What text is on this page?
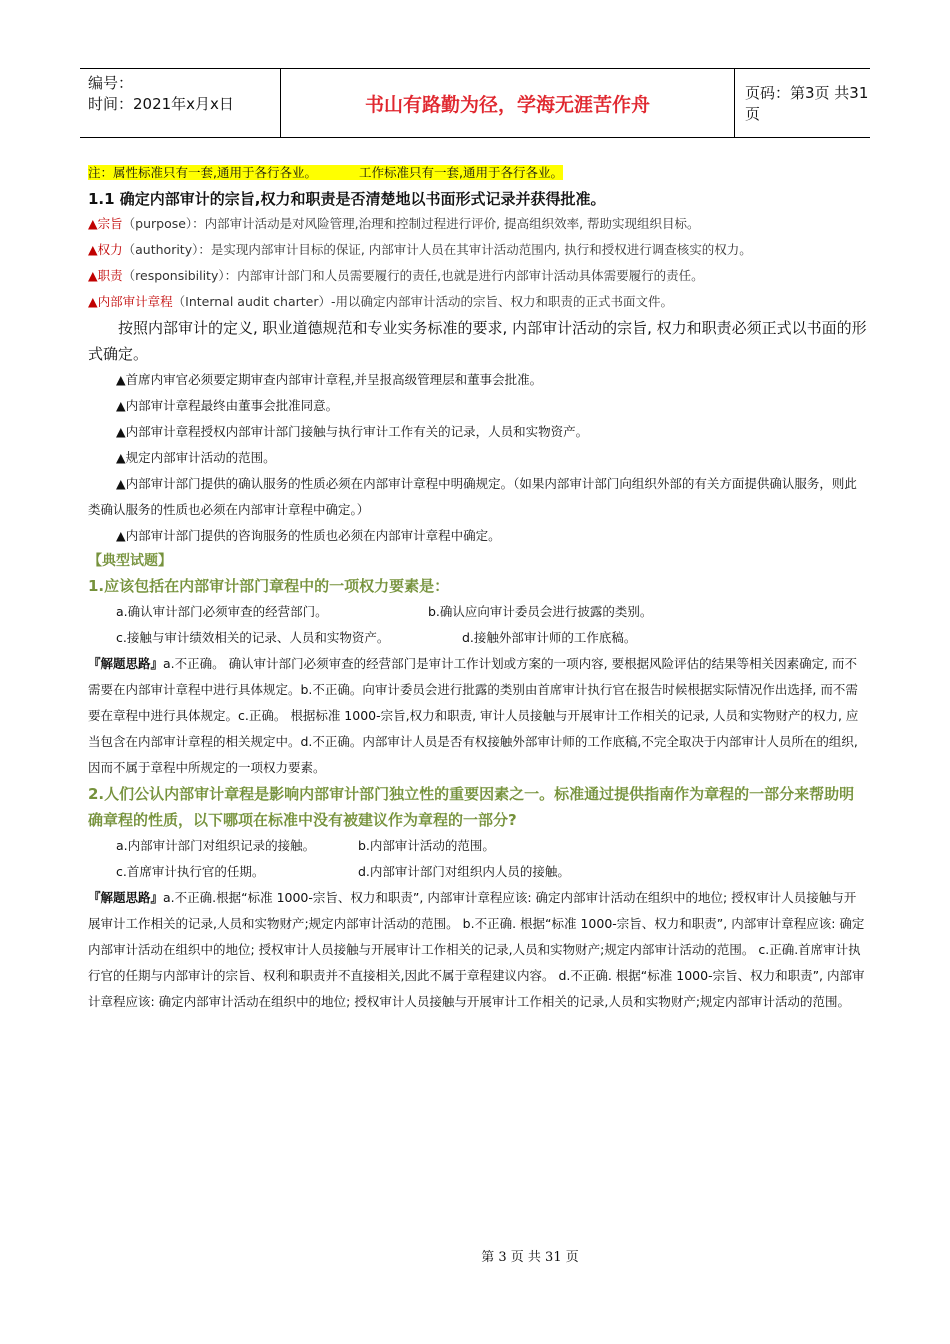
编号：
时间：2021年x月x日	书山有路勤为径，学海无涯苦作舟
页码：第3页 共31页
注：属性标准只有一套,通用于各行各业。	工作标准只有一套,通用于各行各业。
1.1 确定内部审计的宗旨,权力和职责是否清楚地以书面形式记录并获得批准。
▲宗旨（purpose）：内部审计活动是对风险管理,治理和控制过程进行评价, 提高组织效率, 帮助实现组织目标。
▲权力（authority）：是实现内部审计目标的保证, 内部审计人员在其审计活动范围内, 执行和授权进行调查核实的权力。
▲职责（responsibility）：内部审计部门和人员需要履行的责任,也就是进行内部审计活动具体需要履行的责任。
▲内部审计章程（Internal audit charter）-用以确定内部审计活动的宗旨、权力和职责的正式书面文件。
按照内部审计的定义, 职业道德规范和专业实务标准的要求, 内部审计活动的宗旨, 权力和职责必须正式以书面的形式确定。
▲首席内审官必须要定期审查内部审计章程,并呈报高级管理层和董事会批准。
▲内部审计章程最终由董事会批准同意。
▲内部审计章程授权内部审计部门接触与执行审计工作有关的记录，人员和实物资产。
▲规定内部审计活动的范围。
▲内部审计部门提供的确认服务的性质必须在内部审计章程中明确规定。（如果内部审计部门向组织外部的有关方面提供确认服务，则此类确认服务的性质也必须在内部审计章程中确定。）
▲内部审计部门提供的咨询服务的性质也必须在内部审计章程中确定。
【典型试题】
1.应该包括在内部审计部门章程中的一项权力要素是：
a.确认审计部门必须审查的经营部门。	b.确认应向审计委员会进行披露的类别。
c.接触与审计绩效相关的记录、人员和实物资产。	d.接触外部审计师的工作底稿。
『解题思路』a.不正确。 确认审计部门必须审查的经营部门是审计工作计划或方案的一项内容, 要根据风险评估的结果等相关因素确定, 而不需要在内部审计章程中进行具体规定。b.不正确。向审计委员会进行批露的类别由首席审计执行官在报告时候根据实际情况作出选择, 而不需要在章程中进行具体规定。c.正确。 根据标准 1000-宗旨,权力和职责, 审计人员接触与开展审计工作相关的记录, 人员和实物财产的权力, 应当包含在内部审计章程的相关规定中。d.不正确。内部审计人员是否有权接触外部审计师的工作底稿,不完全取决于内部审计人员所在的组织, 因而不属于章程中所规定的一项权力要素。
2.人们公认内部审计章程是影响内部审计部门独立性的重要因素之一。标准通过提供指南作为章程的一部分来帮助明确章程的性质，以下哪项在标准中没有被建议作为章程的一部分?
a.内部审计部门对组织记录的接触。	b.内部审计活动的范围。
c.首席审计执行官的任期。	d.内部审计部门对组织内人员的接触。
『解题思路』a.不正确.根据“标准 1000-宗旨、权力和职责”, 内部审计章程应该: 确定内部审计活动在组织中的地位; 授权审计人员接触与开展审计工作相关的记录,人员和实物财产;规定内部审计活动的范围。 b.不正确. 根据“标准 1000-宗旨、权力和职责”, 内部审计章程应该: 确定内部审计活动在组织中的地位; 授权审计人员接触与开展审计工作相关的记录,人员和实物财产;规定内部审计活动的范围。 c.正确.首席审计执行官的任期与内部审计的宗旨、权利和职责并不直接相关,因此不属于章程建议内容。 d.不正确. 根据“标准 1000-宗旨、权力和职责”, 内部审计章程应该: 确定内部审计活动在组织中的地位; 授权审计人员接触与开展审计工作相关的记录,人员和实物财产;规定内部审计活动的范围。
第 3 页 共 31 页
